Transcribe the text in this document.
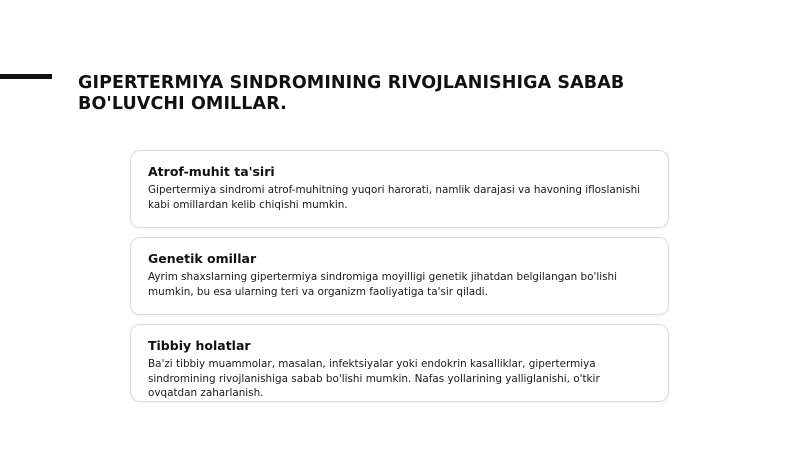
GIPERTERMIYA SINDROMINING RIVOJLANISHIGA SABAB BO'LUVCHI OMILLAR.

Atrof-muhit ta'siri

Gipertermiya sindromi atrof-muhitning yuqori harorati, namlik darajasi va havoning ifloslanishi kabi omillardan kelib chiqishi mumkin.

Genetik omillar

Ayrim shaxslarning gipertermiya sindromiga moyilligi genetik jihatdan belgilangan bo'lishi mumkin, bu esa ularning teri va organizm faoliyatiga ta'sir qiladi.

Tibbiy holatlar

Ba'zi tibbiy muammolar, masalan, infektsiyalar yoki endokrin kasalliklar, gipertermiya sindromining rivojlanishiga sabab bo'lishi mumkin. Nafas yollarining yalliglanishi, o'tkir ovqatdan zaharlanish.
